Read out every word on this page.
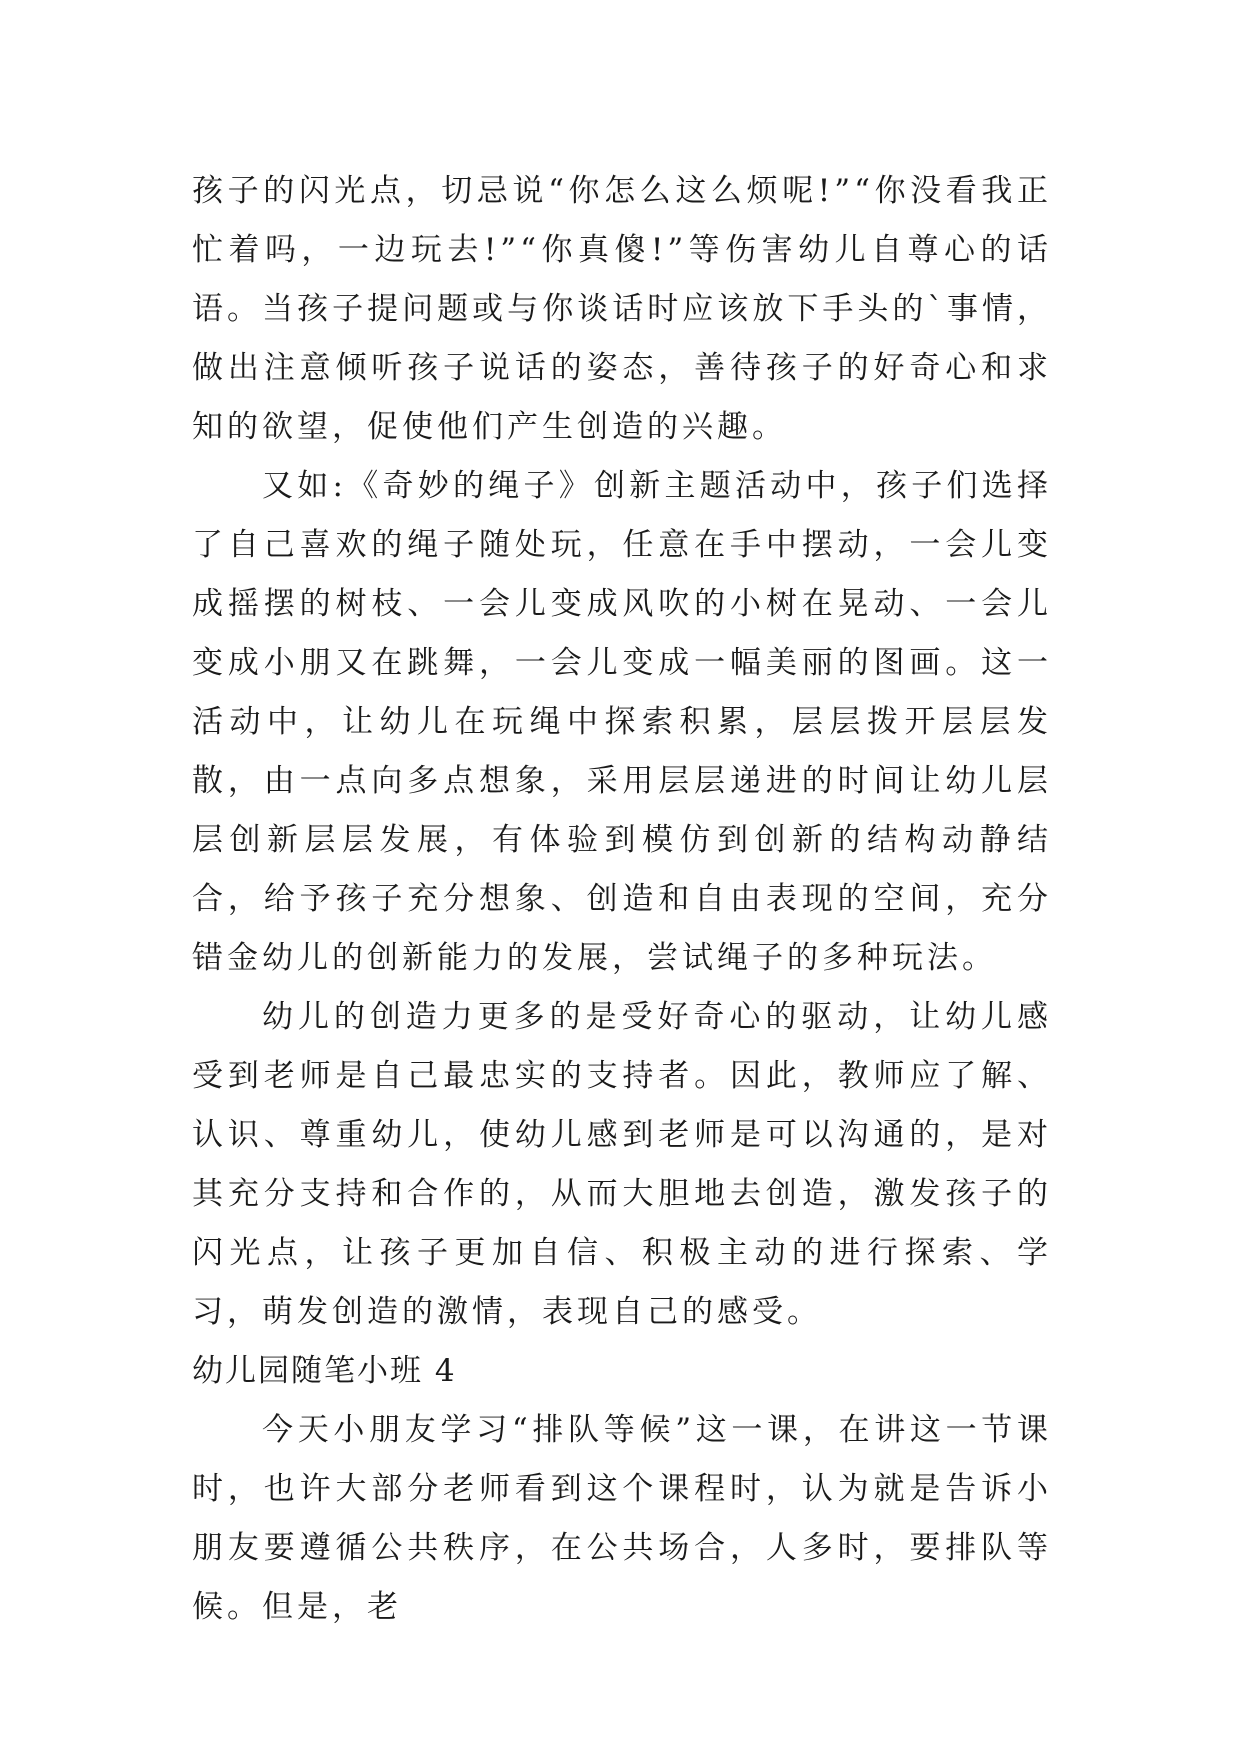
孩子的闪光点，切忌说“你怎么这么烦呢!”“你没看我正忙着吗，一边玩去!”“你真傻!”等伤害幼儿自尊心的话语。当孩子提问题或与你谈话时应该放下手头的`事情，做出注意倾听孩子说话的姿态，善待孩子的好奇心和求知的欲望，促使他们产生创造的兴趣。

又如:《奇妙的绳子》创新主题活动中，孩子们选择了自己喜欢的绳子随处玩，任意在手中摆动，一会儿变成摇摆的树枝、一会儿变成风吹的小树在晃动、一会儿变成小朋又在跳舞，一会儿变成一幅美丽的图画。这一活动中，让幼儿在玩绳中探索积累，层层拨开层层发散，由一点向多点想象，采用层层递进的时间让幼儿层层创新层层发展，有体验到模仿到创新的结构动静结合，给予孩子充分想象、创造和自由表现的空间，充分错金幼儿的创新能力的发展，尝试绳子的多种玩法。

幼儿的创造力更多的是受好奇心的驱动，让幼儿感受到老师是自己最忠实的支持者。因此，教师应了解、认识、尊重幼儿，使幼儿感到老师是可以沟通的，是对其充分支持和合作的，从而大胆地去创造，激发孩子的闪光点，让孩子更加自信、积极主动的进行探索、学习，萌发创造的激情，表现自己的感受。

幼儿园随笔小班 4

今天小朋友学习“排队等候”这一课，在讲这一节课时，也许大部分老师看到这个课程时，认为就是告诉小朋友要遵循公共秩序，在公共场合，人多时，要排队等候。但是，老
